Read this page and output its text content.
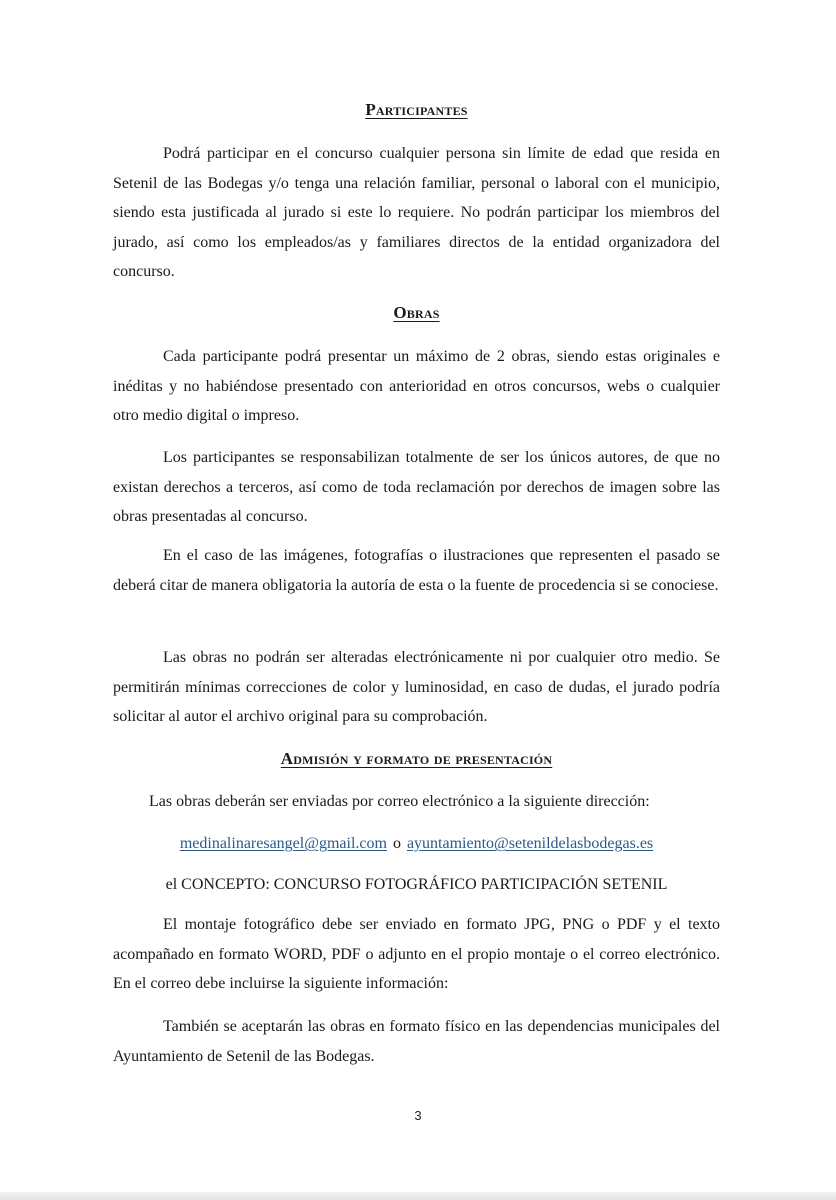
Participantes

Podrá participar en el concurso cualquier persona sin límite de edad que resida en Setenil de las Bodegas y/o tenga una relación familiar, personal o laboral con el municipio, siendo esta justificada al jurado si este lo requiere. No podrán participar los miembros del jurado, así como los empleados/as y familiares directos de la entidad organizadora del concurso.

Obras

Cada participante podrá presentar un máximo de 2 obras, siendo estas originales e inéditas y no habiéndose presentado con anterioridad en otros concursos, webs o cualquier otro medio digital o impreso.

Los participantes se responsabilizan totalmente de ser los únicos autores, de que no existan derechos a terceros, así como de toda reclamación por derechos de imagen sobre las obras presentadas al concurso.

En el caso de las imágenes, fotografías o ilustraciones que representen el pasado se deberá citar de manera obligatoria la autoría de esta o la fuente de procedencia si se conociese.

Las obras no podrán ser alteradas electrónicamente ni por cualquier otro medio. Se permitirán mínimas correcciones de color y luminosidad, en caso de dudas, el jurado podría solicitar al autor el archivo original para su comprobación.

Admisión y formato de presentación

Las obras deberán ser enviadas por correo electrónico a la siguiente dirección:

medinalinaresangel@gmail.com o ayuntamiento@setenildelasbodegas.es
el CONCEPTO: CONCURSO FOTOGRÁFICO PARTICIPACIÓN SETENIL

El montaje fotográfico debe ser enviado en formato JPG, PNG o PDF y el texto acompañado en formato WORD, PDF o adjunto en el propio montaje o el correo electrónico. En el correo debe incluirse la siguiente información:

También se aceptarán las obras en formato físico en las dependencias municipales del Ayuntamiento de Setenil de las Bodegas.

3
